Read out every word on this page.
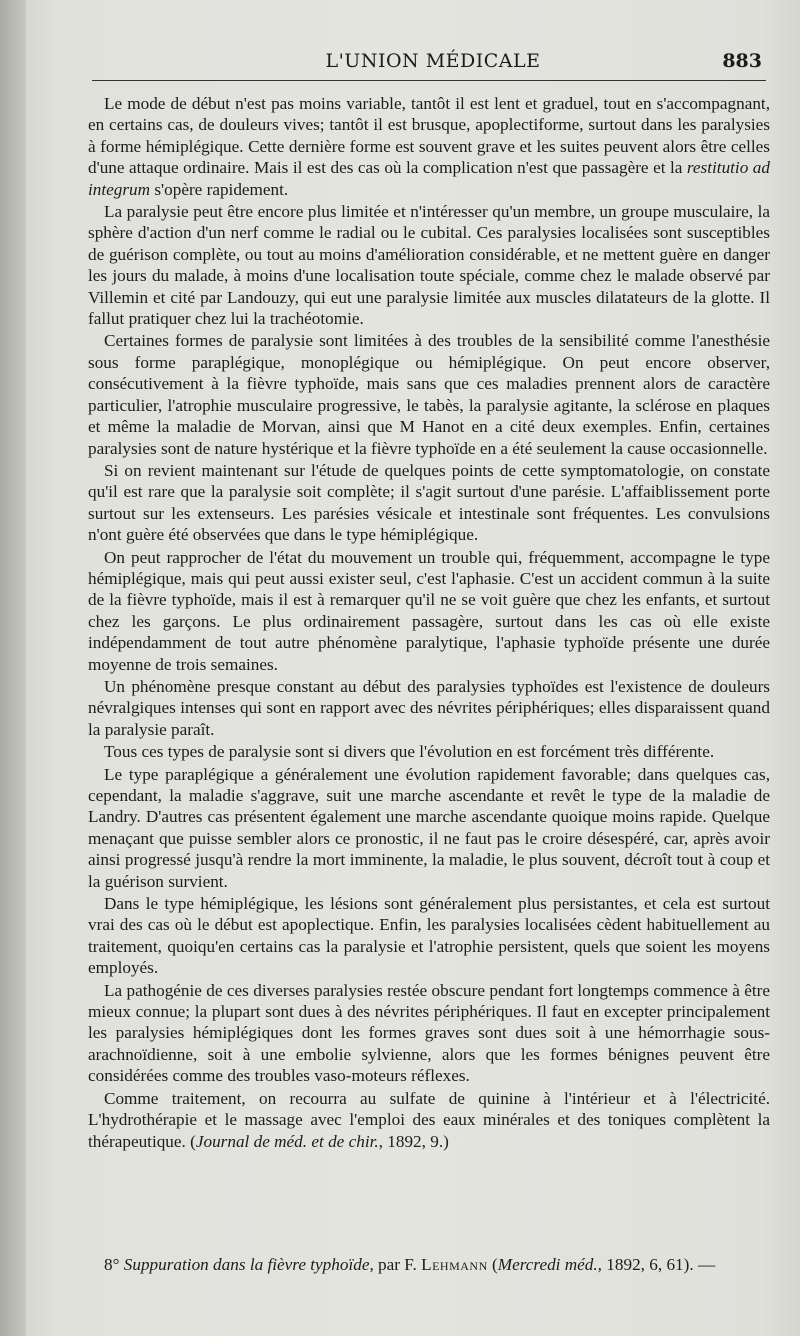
L'UNION MÉDICALE	883

Le mode de début n'est pas moins variable, tantôt il est lent et graduel, tout en s'accompagnant, en certains cas, de douleurs vives; tantôt il est brusque, apoplectiforme, surtout dans les paralysies à forme hémiplégique. Cette dernière forme est souvent grave et les suites peuvent alors être celles d'une attaque ordinaire. Mais il est des cas où la complication n'est que passagère et la restitutio ad integrum s'opère rapidement.

La paralysie peut être encore plus limitée et n'intéresser qu'un membre, un groupe musculaire, la sphère d'action d'un nerf comme le radial ou le cubital. Ces paralysies localisées sont susceptibles de guérison complète, ou tout au moins d'amélioration considérable, et ne mettent guère en danger les jours du malade, à moins d'une localisation toute spéciale, comme chez le malade observé par Villemin et cité par Landouzy, qui eut une paralysie limitée aux muscles dilatateurs de la glotte. Il fallut pratiquer chez lui la trachéotomie.

Certaines formes de paralysie sont limitées à des troubles de la sensibilité comme l'anesthésie sous forme paraplégique, monoplégique ou hémiplégique. On peut encore observer, consécutivement à la fièvre typhoïde, mais sans que ces maladies prennent alors de caractère particulier, l'atrophie musculaire progressive, le tabès, la paralysie agitante, la sclérose en plaques et même la maladie de Morvan, ainsi que M Hanot en a cité deux exemples. Enfin, certaines paralysies sont de nature hystérique et la fièvre typhoïde en a été seulement la cause occasionnelle.

Si on revient maintenant sur l'étude de quelques points de cette symptomatologie, on constate qu'il est rare que la paralysie soit complète; il s'agit surtout d'une parésie. L'affaiblissement porte surtout sur les extenseurs. Les parésies vésicale et intestinale sont fréquentes. Les convulsions n'ont guère été observées que dans le type hémiplégique.

On peut rapprocher de l'état du mouvement un trouble qui, fréquemment, accompagne le type hémiplégique, mais qui peut aussi exister seul, c'est l'aphasie. C'est un accident commun à la suite de la fièvre typhoïde, mais il est à remarquer qu'il ne se voit guère que chez les enfants, et surtout chez les garçons. Le plus ordinairement passagère, surtout dans les cas où elle existe indépendamment de tout autre phénomène paralytique, l'aphasie typhoïde présente une durée moyenne de trois semaines.

Un phénomène presque constant au début des paralysies typhoïdes est l'existence de douleurs névralgiques intenses qui sont en rapport avec des névrites périphériques; elles disparaissent quand la paralysie paraît.

Tous ces types de paralysie sont si divers que l'évolution en est forcément très différente.

Le type paraplégique a généralement une évolution rapidement favorable; dans quelques cas, cependant, la maladie s'aggrave, suit une marche ascendante et revêt le type de la maladie de Landry. D'autres cas présentent également une marche ascendante quoique moins rapide. Quelque menaçant que puisse sembler alors ce pronostic, il ne faut pas le croire désespéré, car, après avoir ainsi progressé jusqu'à rendre la mort imminente, la maladie, le plus souvent, décroît tout à coup et la guérison survient.

Dans le type hémiplégique, les lésions sont généralement plus persistantes, et cela est surtout vrai des cas où le début est apoplectique. Enfin, les paralysies localisées cèdent habituellement au traitement, quoiqu'en certains cas la paralysie et l'atrophie persistent, quels que soient les moyens employés.

La pathogénie de ces diverses paralysies restée obscure pendant fort longtemps commence à être mieux connue; la plupart sont dues à des névrites périphériques. Il faut en excepter principalement les paralysies hémiplégiques dont les formes graves sont dues soit à une hémorrhagie sous-arachnoïdienne, soit à une embolie sylvienne, alors que les formes bénignes peuvent être considérées comme des troubles vaso-moteurs réflexes.

Comme traitement, on recourra au sulfate de quinine à l'intérieur et à l'électricité. L'hydrothérapie et le massage avec l'emploi des eaux minérales et des toniques complètent la thérapeutique. (Journal de méd. et de chir., 1892, 9.)

8° Suppuration dans la fièvre typhoïde, par F. Lehmann (Mercredi méd., 1892, 6, 61). —
